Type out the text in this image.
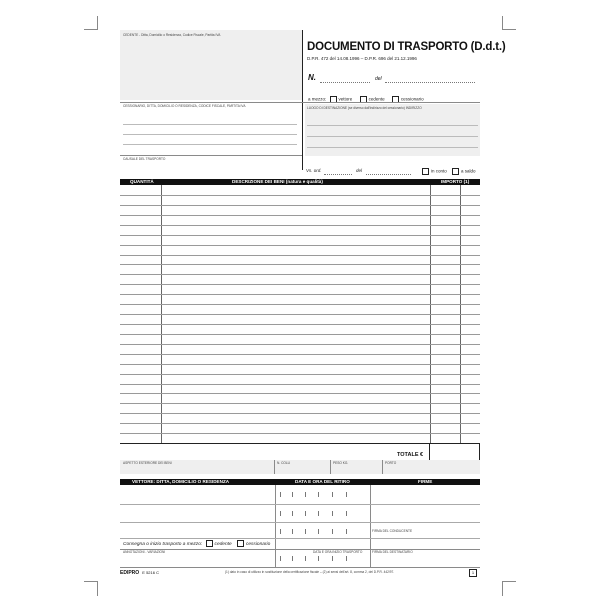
CEDENTE - Ditta, Domicilio o Residenza, Codice Fiscale, Partita IVA
DOCUMENTO DI TRASPORTO (D.d.t.)
D.P.R. 472 del 14.08.1996 – D.P.R. 696 del 21.12.1996
N.	del
a mezzo:	vettore	cedente	cessionario
CESSIONARIO, DITTA, DOMICILIO O RESIDENZA, CODICE FISCALE, PARTITA IVA	LUOGO DI DESTINAZIONE (se diverso dall'indirizzo del cessionario) INDIRIZZO
CAUSALE DEL TRASPORTO
Vs. ord.	del	in conto	a saldo
QUANTITÀ	DESCRIZIONE DEI BENI (natura e qualità)	IMPORTO (1)
TOTALE €
ASPETTO ESTERIORE DEI BENI	N. COLLI	PESO KG.	PORTO
VETTORE: DITTA, DOMICILIO O RESIDENZA	DATA E ORA DEL RITIRO	FIRME
FIRMA DEL CONDUCENTE
Consegna o inizio trasporto a mezzo:	cedente	cessionario
ANNOTAZIONI - VARIAZIONI	DATA E ORA INIZIO TRASPORTO	FIRMA DEL DESTINATARIO
EDIPRO E 5216 C	(1) dato in caso di utilizzo in sostituzione della certificazione fiscale – (2) ai sensi dell'art. 8, comma 2, del D.P.R. 442/97.	1
